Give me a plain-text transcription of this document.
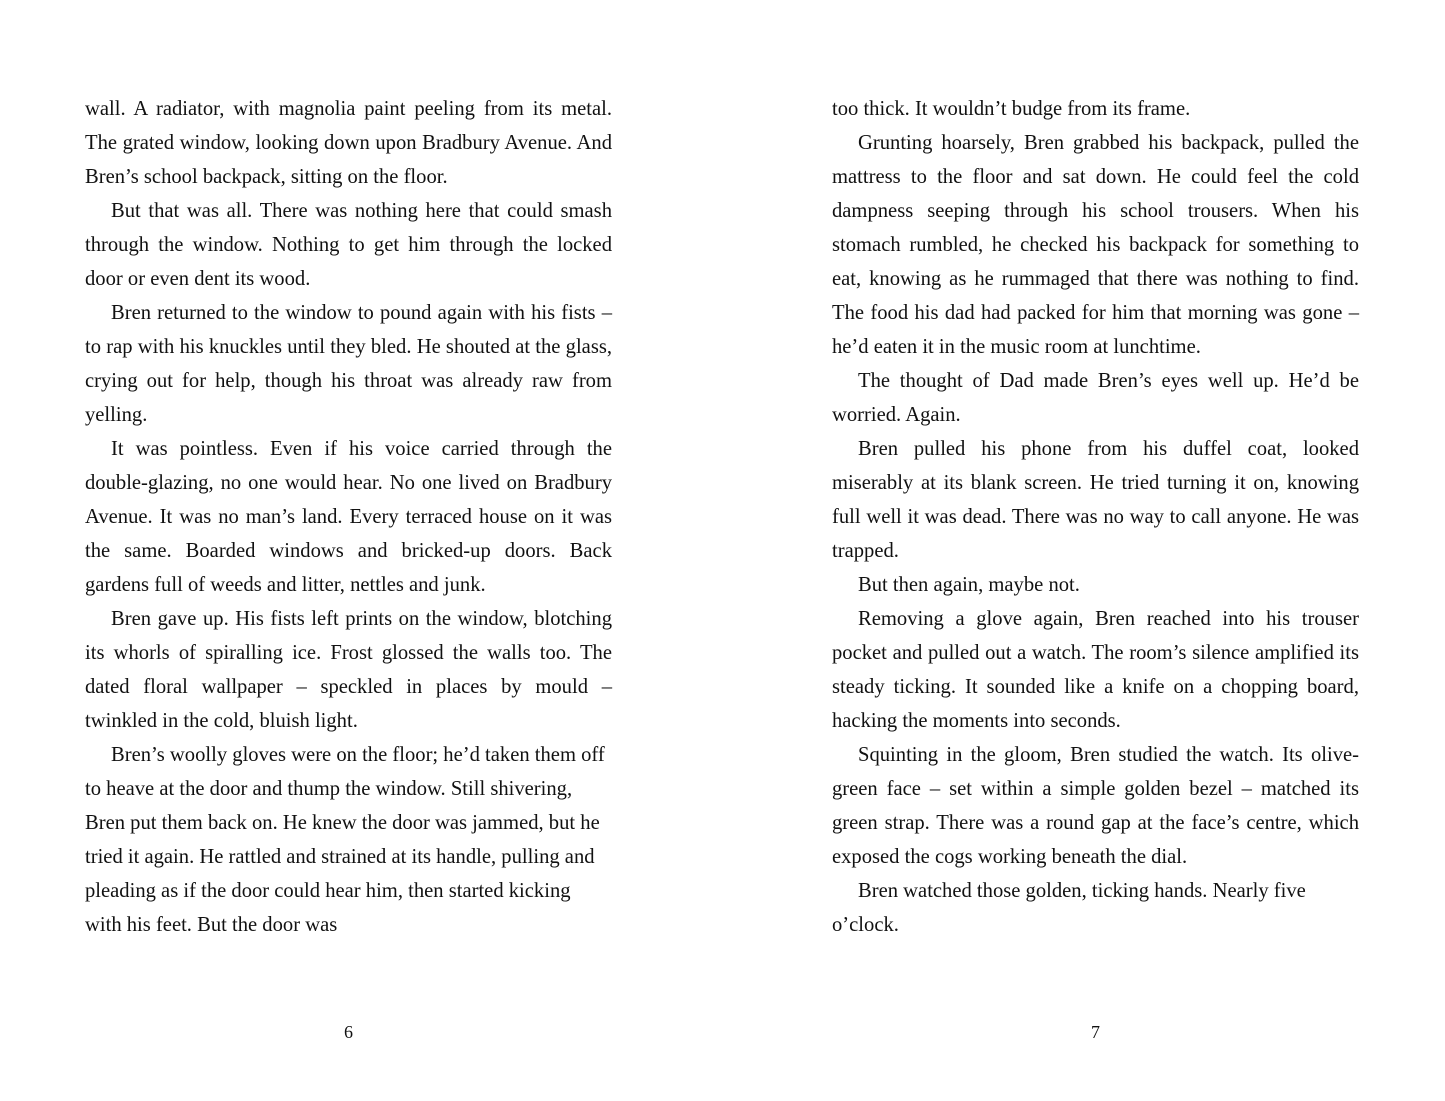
wall. A radiator, with magnolia paint peeling from its metal. The grated window, looking down upon Bradbury Avenue. And Bren’s school backpack, sitting on the floor.

But that was all. There was nothing here that could smash through the window. Nothing to get him through the locked door or even dent its wood.

Bren returned to the window to pound again with his fists – to rap with his knuckles until they bled. He shouted at the glass, crying out for help, though his throat was already raw from yelling.

It was pointless. Even if his voice carried through the double-glazing, no one would hear. No one lived on Bradbury Avenue. It was no man’s land. Every terraced house on it was the same. Boarded windows and bricked-up doors. Back gardens full of weeds and litter, nettles and junk.

Bren gave up. His fists left prints on the window, blotching its whorls of spiralling ice. Frost glossed the walls too. The dated floral wallpaper – speckled in places by mould – twinkled in the cold, bluish light.

Bren’s woolly gloves were on the floor; he’d taken them off to heave at the door and thump the window. Still shivering, Bren put them back on. He knew the door was jammed, but he tried it again. He rattled and strained at its handle, pulling and pleading as if the door could hear him, then started kicking with his feet. But the door was

6

too thick. It wouldn’t budge from its frame.

Grunting hoarsely, Bren grabbed his backpack, pulled the mattress to the floor and sat down. He could feel the cold dampness seeping through his school trousers. When his stomach rumbled, he checked his backpack for something to eat, knowing as he rummaged that there was nothing to find. The food his dad had packed for him that morning was gone – he’d eaten it in the music room at lunchtime.

The thought of Dad made Bren’s eyes well up. He’d be worried. Again.

Bren pulled his phone from his duffel coat, looked miserably at its blank screen. He tried turning it on, knowing full well it was dead. There was no way to call anyone. He was trapped.

But then again, maybe not.

Removing a glove again, Bren reached into his trouser pocket and pulled out a watch. The room’s silence amplified its steady ticking. It sounded like a knife on a chopping board, hacking the moments into seconds.

Squinting in the gloom, Bren studied the watch. Its olive-green face – set within a simple golden bezel – matched its green strap. There was a round gap at the face’s centre, which exposed the cogs working beneath the dial.

Bren watched those golden, ticking hands. Nearly five o’clock.

7
